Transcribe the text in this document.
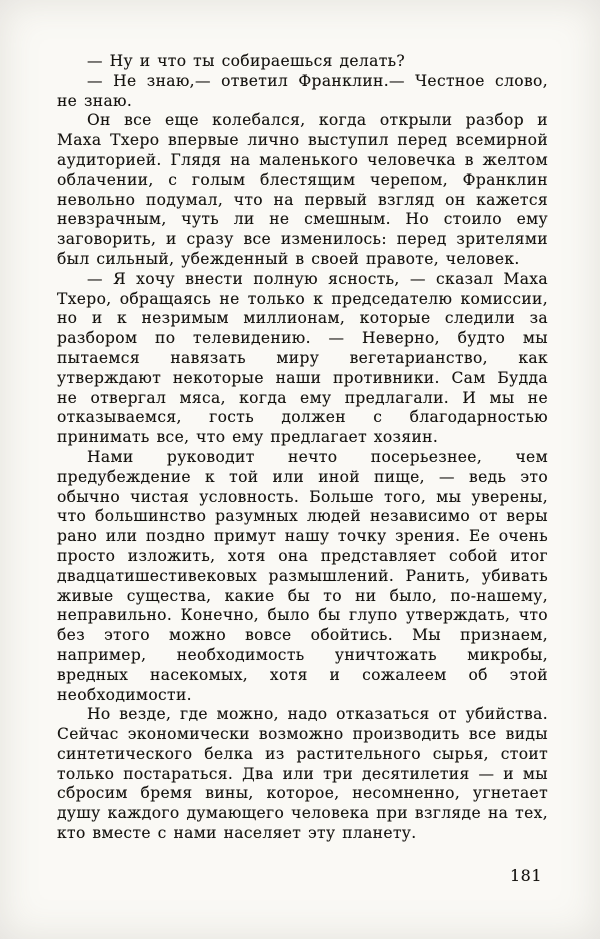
— Ну и что ты собираешься делать?

— Не знаю,— ответил Франклин.— Честное слово, не знаю.

Он все еще колебался, когда открыли разбор и Маха Тхеро впервые лично выступил перед всемирной аудиторией. Глядя на маленького человечка в желтом облачении, с голым блестящим черепом, Франклин невольно подумал, что на первый взгляд он кажется невзрачным, чуть ли не смешным. Но стоило ему заговорить, и сразу все изменилось: перед зрителями был сильный, убежденный в своей правоте, человек.

— Я хочу внести полную ясность, — сказал Маха Тхеро, обращаясь не только к председателю комиссии, но и к незримым миллионам, которые следили за разбором по телевидению. — Неверно, будто мы пытаемся навязать миру вегетарианство, как утверждают некоторые наши противники. Сам Будда не отвергал мяса, когда ему предлагали. И мы не отказываемся, гость должен с благодарностью принимать все, что ему предлагает хозяин.

Нами руководит нечто посерьезнее, чем предубеждение к той или иной пище, — ведь это обычно чистая условность. Больше того, мы уверены, что большинство разумных людей независимо от веры рано или поздно примут нашу точку зрения. Ее очень просто изложить, хотя она представляет собой итог двадцатишестивековых размышлений. Ранить, убивать живые существа, какие бы то ни было, по-нашему, неправильно. Конечно, было бы глупо утверждать, что без этого можно вовсе обойтись. Мы признаем, например, необходимость уничтожать микробы, вредных насекомых, хотя и сожалеем об этой необходимости.

Но везде, где можно, надо отказаться от убийства. Сейчас экономически возможно производить все виды синтетического белка из растительного сырья, стоит только постараться. Два или три десятилетия — и мы сбросим бремя вины, которое, несомненно, угнетает душу каждого думающего человека при взгляде на тех, кто вместе с нами населяет эту планету.

181
